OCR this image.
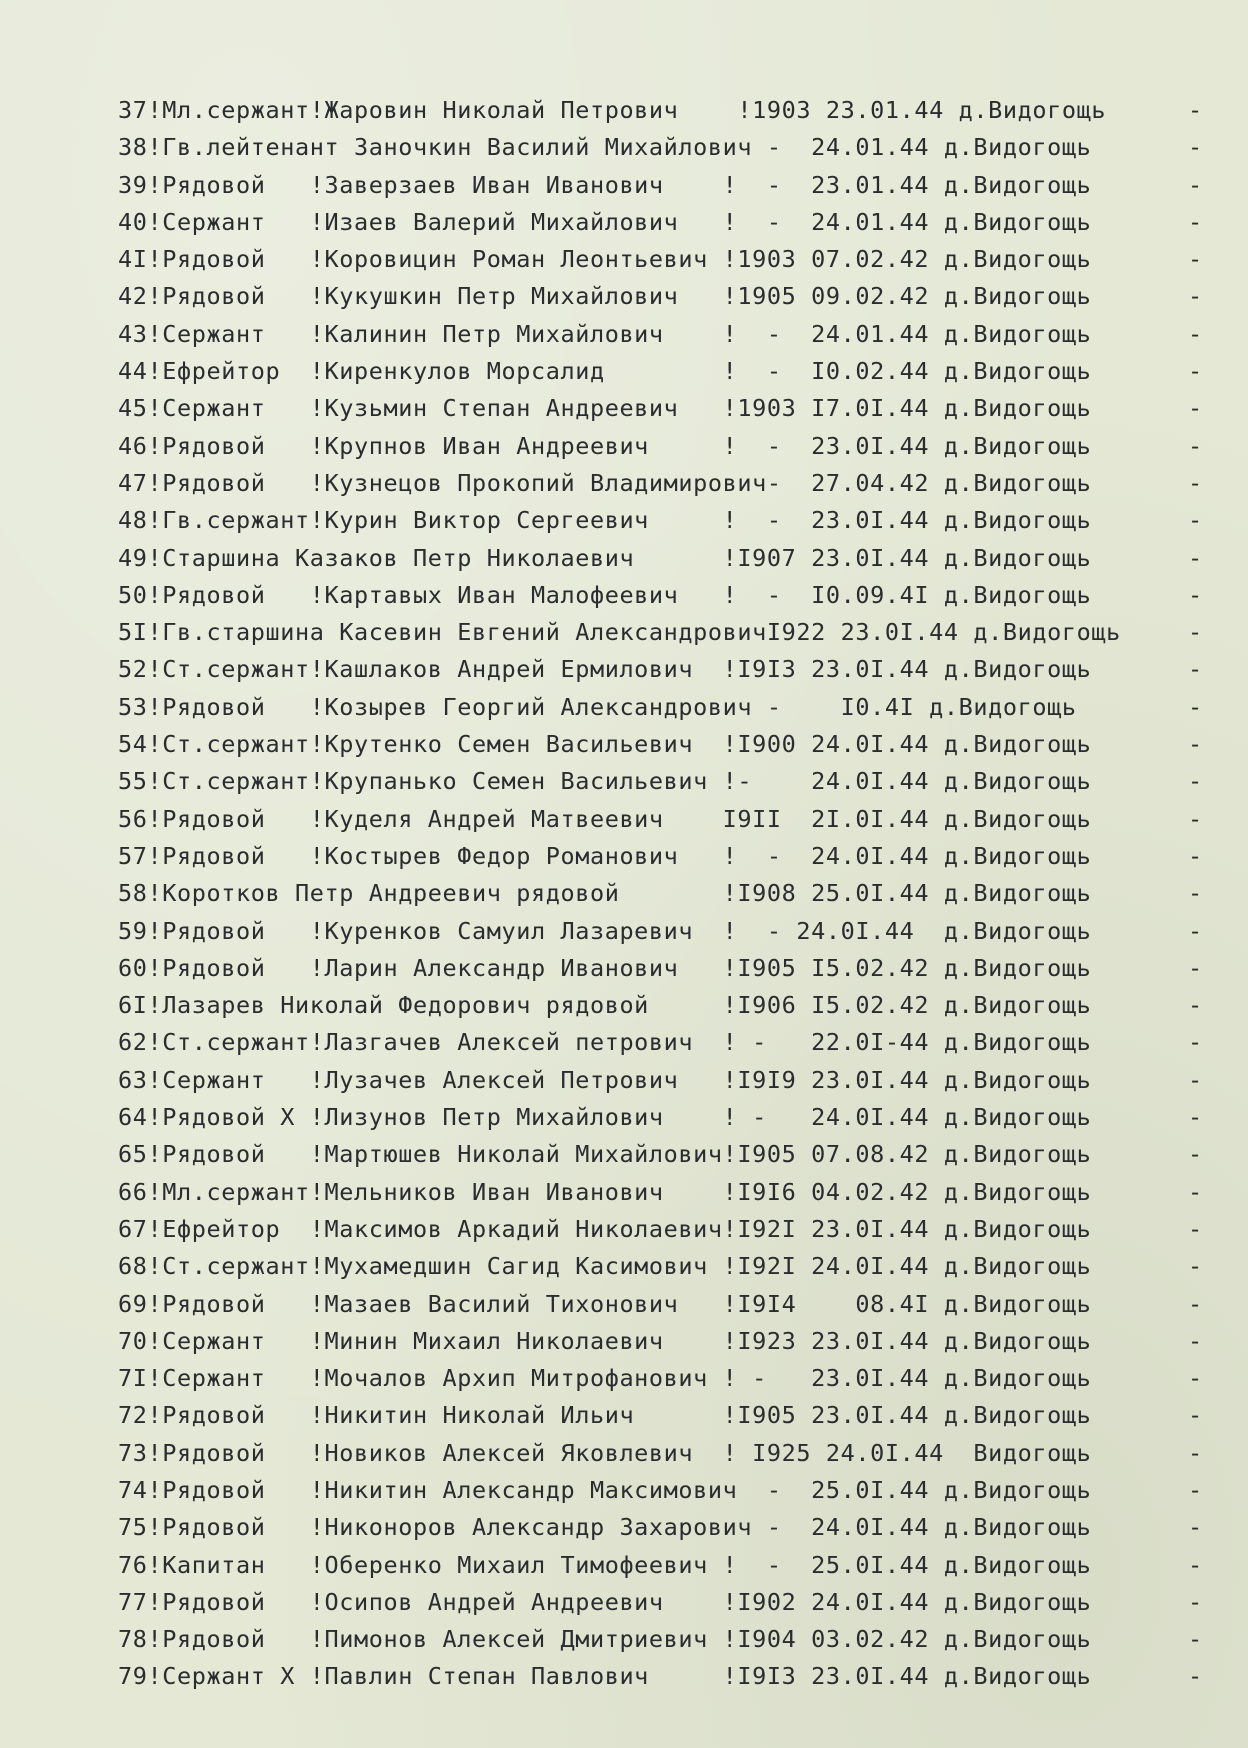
37!Мл.сержант!Жаровин Николай Петрович    !1903 23.01.44 д.Видогощь	-
38!Гв.лейтенант Заночкин Василий Михайлович -  24.01.44 д.Видогощь	-
39!Рядовой   !Заверзаев Иван Иванович    !  -  23.01.44 д.Видогощь	-
40!Сержант   !Изаев Валерий Михайлович   !  -  24.01.44 д.Видогощь	-
4I!Рядовой   !Коровицин Роман Леонтьевич !1903 07.02.42 д.Видогощь	-
42!Рядовой   !Кукушкин Петр Михайлович   !1905 09.02.42 д.Видогощь	-
43!Сержант   !Калинин Петр Михайлович    !  -  24.01.44 д.Видогощь	-
44!Ефрейтор  !Киренкулов Морсалид        !  -  I0.02.44 д.Видогощь	-
45!Сержант   !Кузьмин Степан Андреевич   !1903 I7.0I.44 д.Видогощь	-
46!Рядовой   !Крупнов Иван Андреевич     !  -  23.0I.44 д.Видогощь	-
47!Рядовой   !Кузнецов Прокопий Владимирович-  27.04.42 д.Видогощь	-
48!Гв.сержант!Курин Виктор Сергеевич     !  -  23.0I.44 д.Видогощь	-
49!Старшина Казаков Петр Николаевич      !I907 23.0I.44 д.Видогощь	-
50!Рядовой   !Картавых Иван Малофеевич   !  -  I0.09.4I д.Видогощь	-
5I!Гв.старшина Касевин Евгений АлександровичI922 23.0I.44 д.Видогощь	-
52!Ст.сержант!Кашлаков Андрей Ермилович  !I9I3 23.0I.44 д.Видогощь	-
53!Рядовой   !Козырев Георгий Александрович -    I0.4I д.Видогощь	-
54!Ст.сержант!Крутенко Семен Васильевич  !I900 24.0I.44 д.Видогощь	-
55!Ст.сержант!Крупанько Семен Васильевич !-    24.0I.44 д.Видогощь	-
56!Рядовой   !Куделя Андрей Матвеевич    I9II  2I.0I.44 д.Видогощь	-
57!Рядовой   !Костырев Федор Романович   !  -  24.0I.44 д.Видогощь	-
58!Коротков Петр Андреевич рядовой       !I908 25.0I.44 д.Видогощь	-
59!Рядовой   !Куренков Самуил Лазаревич  !  - 24.0I.44  д.Видогощь	-
60!Рядовой   !Ларин Александр Иванович   !I905 I5.02.42 д.Видогощь	-
6I!Лазарев Николай Федорович рядовой     !I906 I5.02.42 д.Видогощь	-
62!Ст.сержант!Лазгачев Алексей петрович  ! -   22.0I-44 д.Видогощь	-
63!Сержант   !Лузачев Алексей Петрович   !I9I9 23.0I.44 д.Видогощь	-
64!Рядовой Х !Лизунов Петр Михайлович    ! -   24.0I.44 д.Видогощь	-
65!Рядовой   !Мартюшев Николай Михайлович!I905 07.08.42 д.Видогощь	-
66!Мл.сержант!Мельников Иван Иванович    !I9I6 04.02.42 д.Видогощь	-
67!Ефрейтор  !Максимов Аркадий Николаевич!I92I 23.0I.44 д.Видогощь	-
68!Ст.сержант!Мухамедшин Сагид Касимович !I92I 24.0I.44 д.Видогощь	-
69!Рядовой   !Мазаев Василий Тихонович   !I9I4    08.4I д.Видогощь	-
70!Сержант   !Минин Михаил Николаевич    !I923 23.0I.44 д.Видогощь	-
7I!Сержант   !Мочалов Архип Митрофанович ! -   23.0I.44 д.Видогощь	-
72!Рядовой   !Никитин Николай Ильич      !I905 23.0I.44 д.Видогощь	-
73!Рядовой   !Новиков Алексей Яковлевич  ! I925 24.0I.44  Видогощь	-
74!Рядовой   !Никитин Александр Максимович  -  25.0I.44 д.Видогощь	-
75!Рядовой   !Никоноров Александр Захарович -  24.0I.44 д.Видогощь	-
76!Капитан   !Оберенко Михаил Тимофеевич !  -  25.0I.44 д.Видогощь	-
77!Рядовой   !Осипов Андрей Андреевич    !I902 24.0I.44 д.Видогощь	-
78!Рядовой   !Пимонов Алексей Дмитриевич !I904 03.02.42 д.Видогощь	-
79!Сержант Х !Павлин Степан Павлович     !I9I3 23.0I.44 д.Видогощь	-
